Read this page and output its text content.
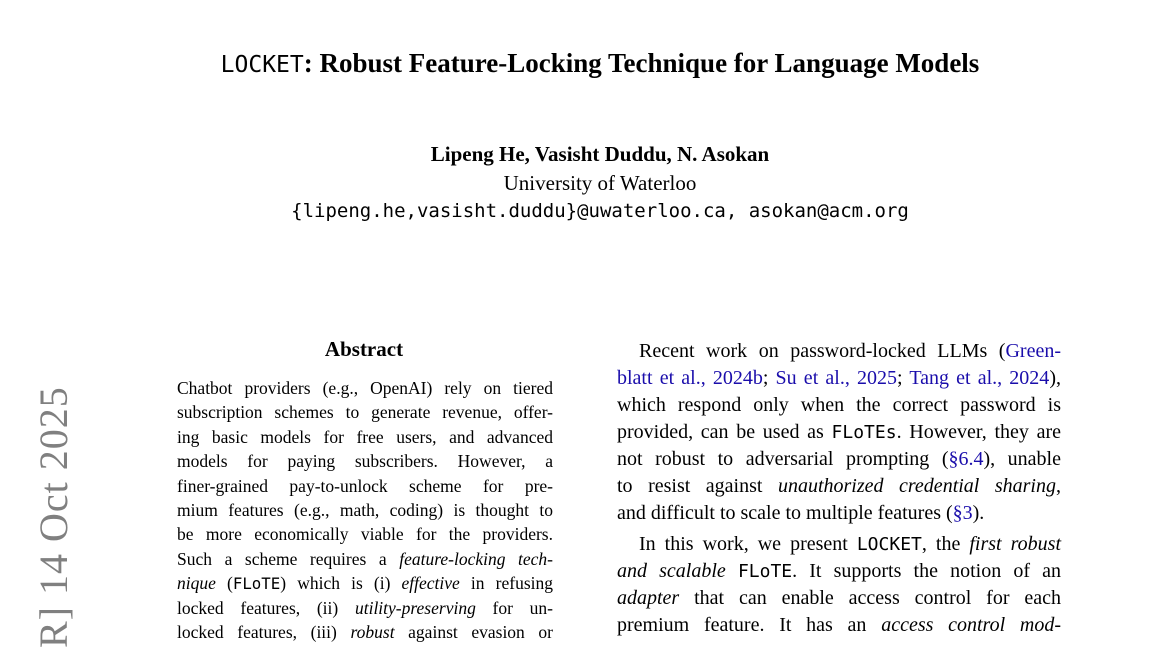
LOCKET: Robust Feature-Locking Technique for Language Models
Lipeng He, Vasisht Duddu, N. Asokan
University of Waterloo
{lipeng.he,vasisht.duddu}@uwaterloo.ca, asokan@acm.org
R] 14 Oct 2025
Abstract
Chatbot providers (e.g., OpenAI) rely on tiered
subscription schemes to generate revenue, offer-
ing basic models for free users, and advanced
models for paying subscribers. However, a
finer-grained pay-to-unlock scheme for pre-
mium features (e.g., math, coding) is thought to
be more economically viable for the providers.
Such a scheme requires a feature-locking tech-
nique (FLoTE) which is (i) effective in refusing
locked features, (ii) utility-preserving for un-
locked features, (iii) robust against evasion or
Recent work on password-locked LLMs (Green-
blatt et al., 2024b; Su et al., 2025; Tang et al., 2024),
which respond only when the correct password is
provided, can be used as FLoTEs. However, they are
not robust to adversarial prompting (§6.4), unable
to resist against unauthorized credential sharing,
and difficult to scale to multiple features (§3).
In this work, we present LOCKET, the first robust
and scalable FLoTE. It supports the notion of an
adapter that can enable access control for each
premium feature. It has an access control mod-
